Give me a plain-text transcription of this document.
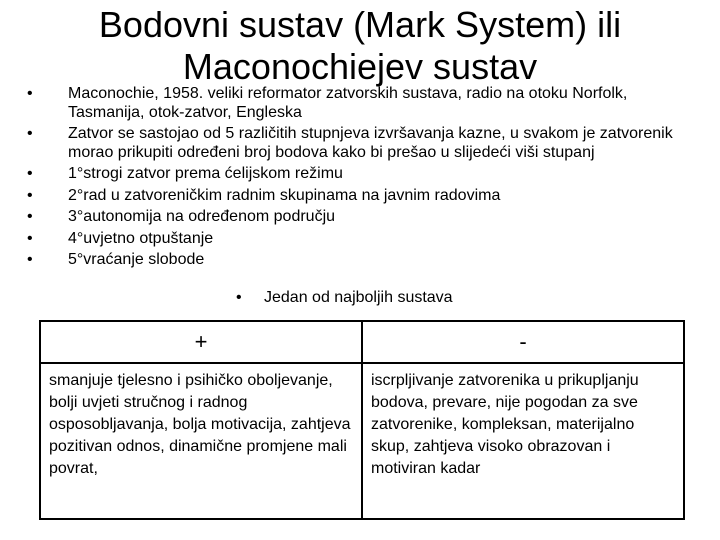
Bodovni sustav (Mark System) ili Maconochiejev sustav
• Maconochie, 1958. veliki reformator zatvorskih sustava, radio na otoku Norfolk, Tasmanija, otok-zatvor, Engleska
• Zatvor se sastojao od 5 različitih stupnjeva izvršavanja kazne, u svakom je zatvorenik morao prikupiti određeni broj bodova kako bi prešao u slijedeći viši stupanj
• 1°strogi zatvor prema ćelijskom režimu
• 2°rad u zatvoreničkim radnim skupinama na javnim radovima
• 3°autonomija na određenom području
• 4°uvjetno otpuštanje
• 5°vraćanje slobode
• Jedan od najboljih sustava
+	-
smanjuje tjelesno i psihičko oboljevanje, bolji uvjeti stručnog i radnog osposobljavanja, bolja motivacija, zahtjeva pozitivan odnos, dinamične promjene mali povrat,	iscrpljivanje zatvorenika u prikupljanju bodova, prevare, nije pogodan za sve zatvorenike, kompleksan, materijalno skup, zahtjeva visoko obrazovan i motiviran kadar
